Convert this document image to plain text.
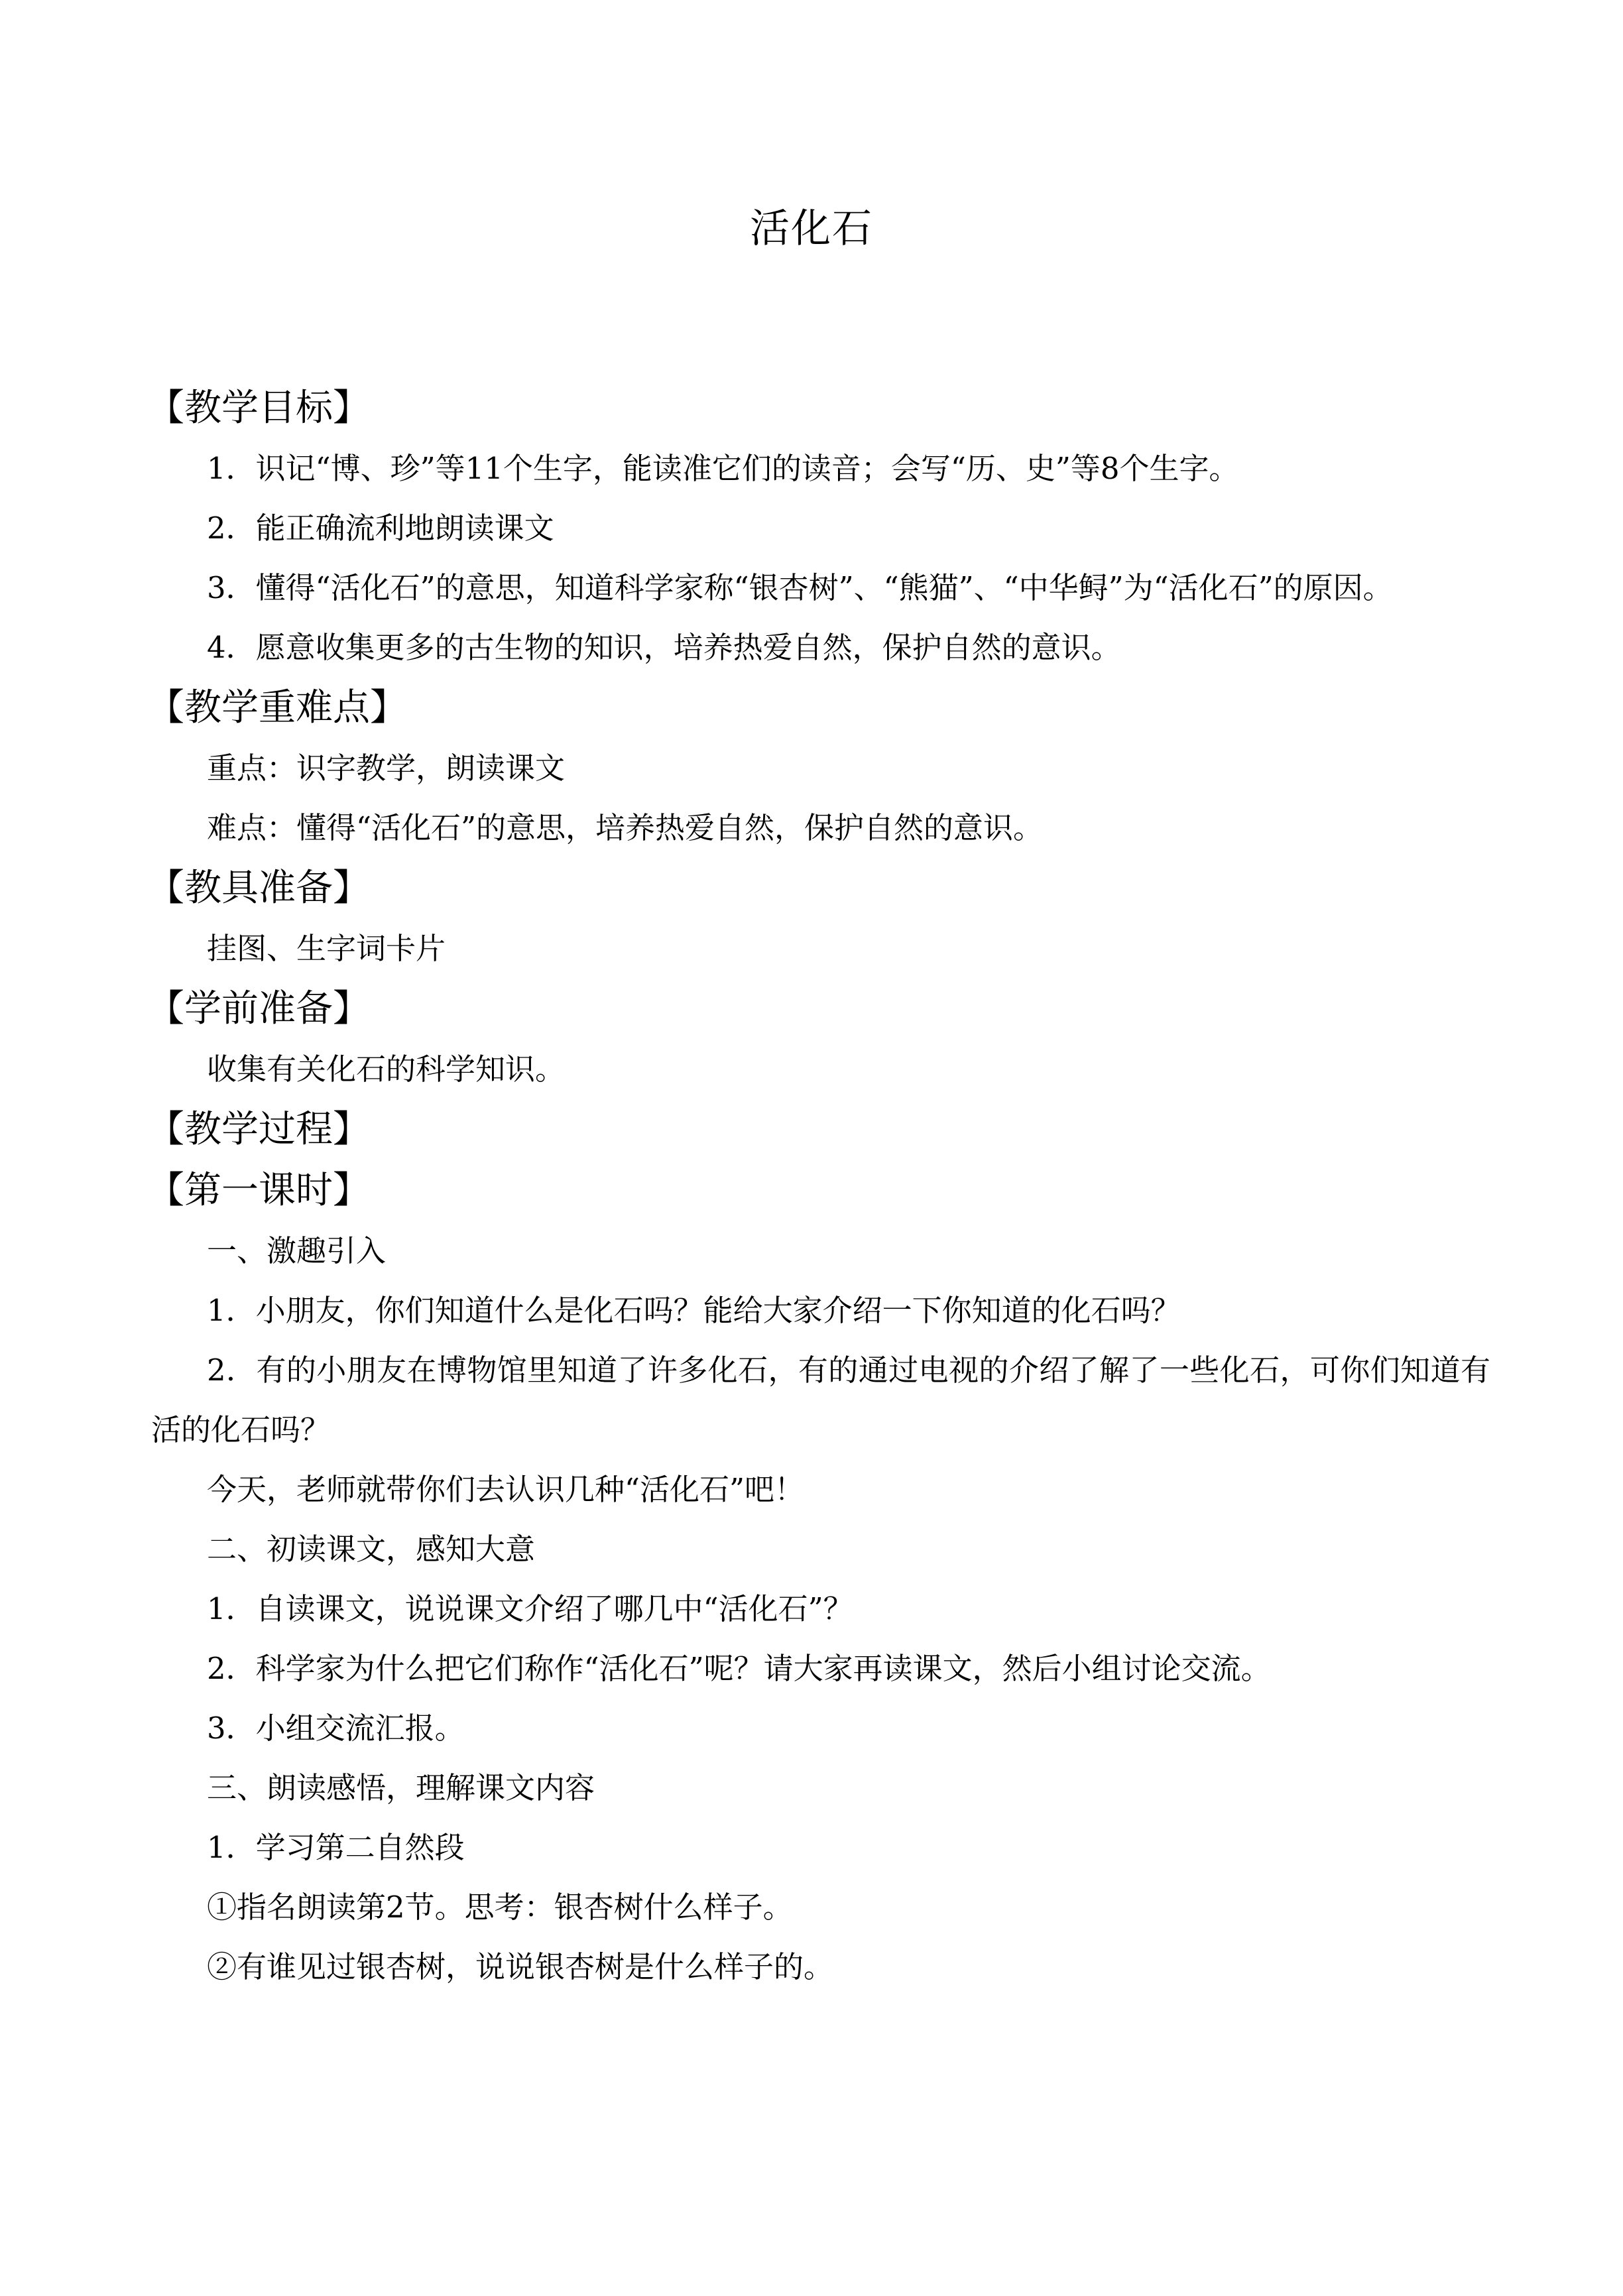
活化石
【教学目标】
1．识记“博、珍”等11个生字，能读准它们的读音；会写“历、史”等8个生字。
2．能正确流利地朗读课文
3．懂得“活化石”的意思，知道科学家称“银杏树”、“熊猫”、“中华鲟”为“活化石”的原因。
4．愿意收集更多的古生物的知识，培养热爱自然，保护自然的意识。
【教学重难点】
重点：识字教学，朗读课文
难点：懂得“活化石”的意思，培养热爱自然，保护自然的意识。
【教具准备】
挂图、生字词卡片
【学前准备】
收集有关化石的科学知识。
【教学过程】
【第一课时】
一、激趣引入
1．小朋友，你们知道什么是化石吗？能给大家介绍一下你知道的化石吗？
2．有的小朋友在博物馆里知道了许多化石，有的通过电视的介绍了解了一些化石，可你们知道有活的化石吗？
今天，老师就带你们去认识几种“活化石”吧！
二、初读课文，感知大意
1．自读课文，说说课文介绍了哪几中“活化石”？
2．科学家为什么把它们称作“活化石”呢？请大家再读课文，然后小组讨论交流。
3．小组交流汇报。
三、朗读感悟，理解课文内容
1．学习第二自然段
①指名朗读第2节。思考：银杏树什么样子。
②有谁见过银杏树，说说银杏树是什么样子的。
